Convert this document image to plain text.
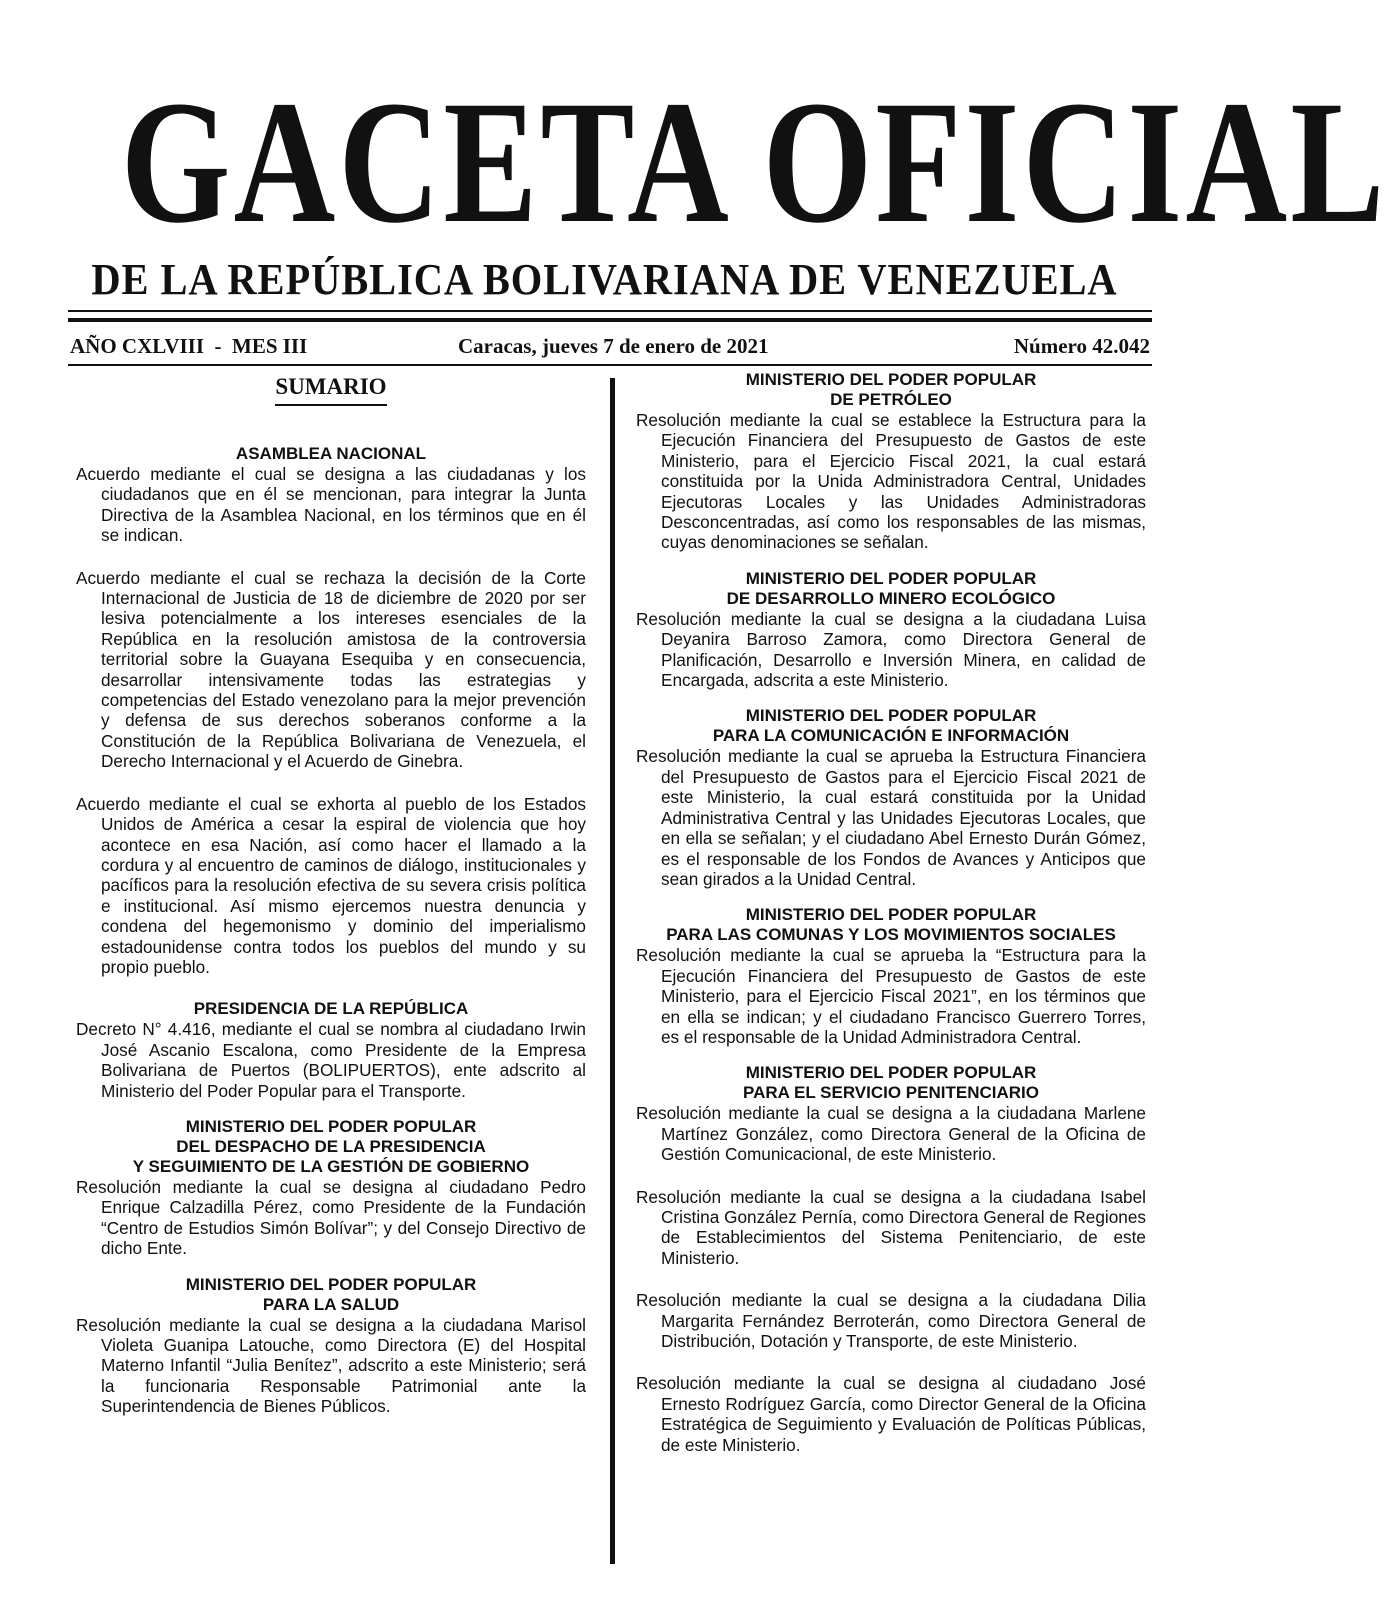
GACETA OFICIAL
DE LA REPÚBLICA BOLIVARIANA DE VENEZUELA
AÑO CXLVIII  -  MES III	Caracas, jueves 7 de enero de 2021	Número 42.042
SUMARIO
ASAMBLEA NACIONAL

Acuerdo mediante el cual se designa a las ciudadanas y los ciudadanos que en él se mencionan, para integrar la Junta Directiva de la Asamblea Nacional, en los términos que en él se indican.

Acuerdo mediante el cual se rechaza la decisión de la Corte Internacional de Justicia de 18 de diciembre de 2020 por ser lesiva potencialmente a los intereses esenciales de la República en la resolución amistosa de la controversia territorial sobre la Guayana Esequiba y en consecuencia, desarrollar intensivamente todas las estrategias y competencias del Estado venezolano para la mejor prevención y defensa de sus derechos soberanos conforme a la Constitución de la República Bolivariana de Venezuela, el Derecho Internacional y el Acuerdo de Ginebra.

Acuerdo mediante el cual se exhorta al pueblo de los Estados Unidos de América a cesar la espiral de violencia que hoy acontece en esa Nación, así como hacer el llamado a la cordura y al encuentro de caminos de diálogo, institucionales y pacíficos para la resolución efectiva de su severa crisis política e institucional. Así mismo ejercemos nuestra denuncia y condena del hegemonismo y dominio del imperialismo estadounidense contra todos los pueblos del mundo y su propio pueblo.

PRESIDENCIA DE LA REPÚBLICA

Decreto N° 4.416, mediante el cual se nombra al ciudadano Irwin José Ascanio Escalona, como Presidente de la Empresa Bolivariana de Puertos (BOLIPUERTOS), ente adscrito al Ministerio del Poder Popular para el Transporte.

MINISTERIO DEL PODER POPULAR
DEL DESPACHO DE LA PRESIDENCIA
Y SEGUIMIENTO DE LA GESTIÓN DE GOBIERNO

Resolución mediante la cual se designa al ciudadano Pedro Enrique Calzadilla Pérez, como Presidente de la Fundación “Centro de Estudios Simón Bolívar”; y del Consejo Directivo de dicho Ente.

MINISTERIO DEL PODER POPULAR
PARA LA SALUD

Resolución mediante la cual se designa a la ciudadana Marisol Violeta Guanipa Latouche, como Directora (E) del Hospital Materno Infantil “Julia Benítez”, adscrito a este Ministerio; será la funcionaria Responsable Patrimonial ante la Superintendencia de Bienes Públicos.

MINISTERIO DEL PODER POPULAR
DE PETRÓLEO

Resolución mediante la cual se establece la Estructura para la Ejecución Financiera del Presupuesto de Gastos de este Ministerio, para el Ejercicio Fiscal 2021, la cual estará constituida por la Unida Administradora Central, Unidades Ejecutoras Locales y las Unidades Administradoras Desconcentradas, así como los responsables de las mismas, cuyas denominaciones se señalan.

MINISTERIO DEL PODER POPULAR
DE DESARROLLO MINERO ECOLÓGICO

Resolución mediante la cual se designa a la ciudadana Luisa Deyanira Barroso Zamora, como Directora General de Planificación, Desarrollo e Inversión Minera, en calidad de Encargada, adscrita a este Ministerio.

MINISTERIO DEL PODER POPULAR
PARA LA COMUNICACIÓN E INFORMACIÓN

Resolución mediante la cual se aprueba la Estructura Financiera del Presupuesto de Gastos para el Ejercicio Fiscal 2021 de este Ministerio, la cual estará constituida por la Unidad Administrativa Central y las Unidades Ejecutoras Locales, que en ella se señalan; y el ciudadano Abel Ernesto Durán Gómez, es el responsable de los Fondos de Avances y Anticipos que sean girados a la Unidad Central.

MINISTERIO DEL PODER POPULAR
PARA LAS COMUNAS Y LOS MOVIMIENTOS SOCIALES

Resolución mediante la cual se aprueba la “Estructura para la Ejecución Financiera del Presupuesto de Gastos de este Ministerio, para el Ejercicio Fiscal 2021”, en los términos que en ella se indican; y el ciudadano Francisco Guerrero Torres, es el responsable de la Unidad Administradora Central.

MINISTERIO DEL PODER POPULAR
PARA EL SERVICIO PENITENCIARIO

Resolución mediante la cual se designa a la ciudadana Marlene Martínez González, como Directora General de la Oficina de Gestión Comunicacional, de este Ministerio.

Resolución mediante la cual se designa a la ciudadana Isabel Cristina González Pernía, como Directora General de Regiones de Establecimientos del Sistema Penitenciario, de este Ministerio.

Resolución mediante la cual se designa a la ciudadana Dilia Margarita Fernández Berroterán, como Directora General de Distribución, Dotación y Transporte, de este Ministerio.

Resolución mediante la cual se designa al ciudadano José Ernesto Rodríguez García, como Director General de la Oficina Estratégica de Seguimiento y Evaluación de Políticas Públicas, de este Ministerio.
